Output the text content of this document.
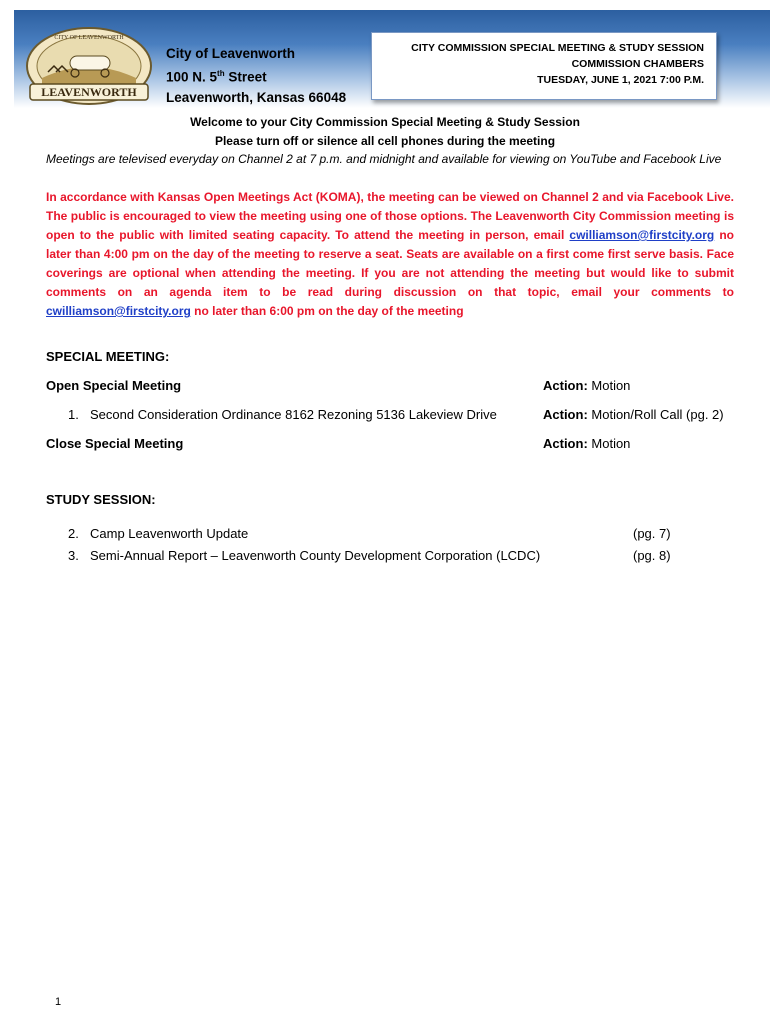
LEAVENWORTH
CITY OF LEAVENWORTH
City of Leavenworth
100 N. 5th Street
Leavenworth, Kansas 66048
CITY COMMISSION SPECIAL MEETING & STUDY SESSION
COMMISSION CHAMBERS
TUESDAY, JUNE 1, 2021 7:00 P.M.
Welcome to your City Commission Special Meeting & Study Session
Please turn off or silence all cell phones during the meeting
Meetings are televised everyday on Channel 2 at 7 p.m. and midnight and available for viewing on YouTube and Facebook Live
In accordance with Kansas Open Meetings Act (KOMA), the meeting can be viewed on Channel 2 and via Facebook Live. The public is encouraged to view the meeting using one of those options. The Leavenworth City Commission meeting is open to the public with limited seating capacity. To attend the meeting in person, email cwilliamson@firstcity.org no later than 4:00 pm on the day of the meeting to reserve a seat. Seats are available on a first come first serve basis. Face coverings are optional when attending the meeting. If you are not attending the meeting but would like to submit comments on an agenda item to be read during discussion on that topic, email your comments to cwilliamson@firstcity.org no later than 6:00 pm on the day of the meeting
SPECIAL MEETING:
Open Special Meeting	Action: Motion
1. Second Consideration Ordinance 8162 Rezoning 5136 Lakeview Drive	Action: Motion/Roll Call (pg. 2)
Close Special Meeting	Action: Motion
STUDY SESSION:
2. Camp Leavenworth Update	(pg. 7)
3. Semi-Annual Report – Leavenworth County Development Corporation (LCDC)	(pg. 8)
1
